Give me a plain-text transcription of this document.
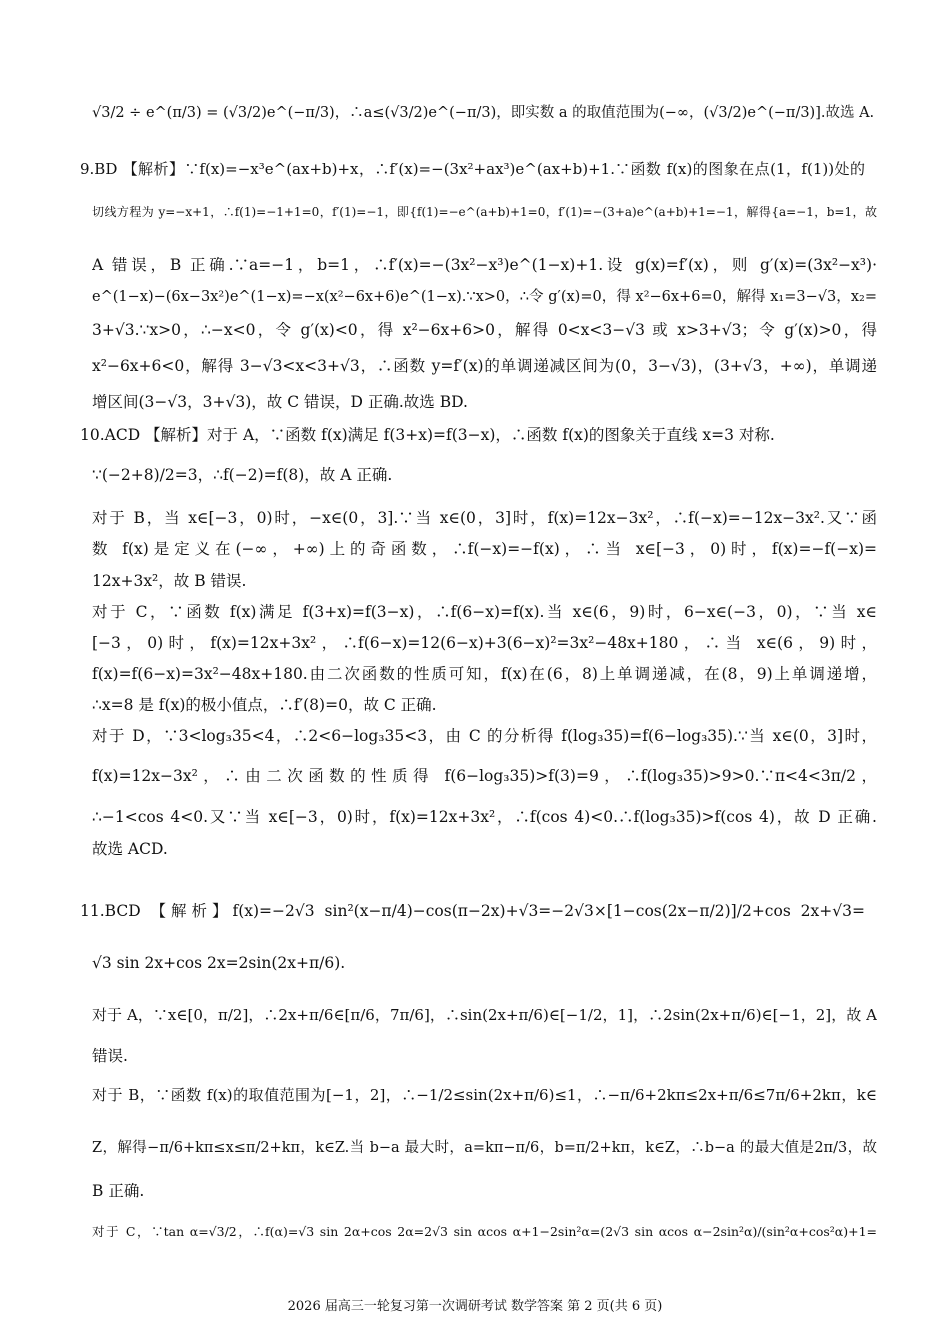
√3/2 ÷ e^(π/3) = (√3/2)e^(−π/3)，∴a≤(√3/2)e^(−π/3)，即实数 a 的取值范围为(−∞，(√3/2)e^(−π/3)].故选 A.
9.BD 【解析】∵f(x)=−x³e^(ax+b)+x，∴f′(x)=−(3x²+ax³)e^(ax+b)+1.∵函数 f(x)的图象在点(1，f(1))处的
切线方程为 y=−x+1，∴f(1)=−1+1=0，f′(1)=−1，即{f(1)=−e^(a+b)+1=0，f′(1)=−(3+a)e^(a+b)+1=−1，解得{a=−1，b=1，故
A 错误，B 正确.∵a=−1，b=1，∴f′(x)=−(3x²−x³)e^(1−x)+1.设 g(x)=f′(x)，则 g′(x)=(3x²−x³)·
e^(1−x)−(6x−3x²)e^(1−x)=−x(x²−6x+6)e^(1−x).∵x>0，∴令 g′(x)=0，得 x²−6x+6=0，解得 x₁=3−√3，x₂=
3+√3.∵x>0，∴−x<0，令 g′(x)<0，得 x²−6x+6>0，解得 0<x<3−√3 或 x>3+√3；令 g′(x)>0，得
x²−6x+6<0，解得 3−√3<x<3+√3，∴函数 y=f′(x)的单调递减区间为(0，3−√3)，(3+√3，+∞)，单调递
增区间(3−√3，3+√3)，故 C 错误，D 正确.故选 BD.
10.ACD 【解析】对于 A，∵函数 f(x)满足 f(3+x)=f(3−x)，∴函数 f(x)的图象关于直线 x=3 对称.
∵(−2+8)/2=3，∴f(−2)=f(8)，故 A 正确.
对于 B，当 x∈[−3，0)时，−x∈(0，3].∵当 x∈(0，3]时，f(x)=12x−3x²，∴f(−x)=−12x−3x².又∵函
数 f(x)是定义在(−∞，+∞)上的奇函数，∴f(−x)=−f(x)，∴当 x∈[−3，0)时，f(x)=−f(−x)=
12x+3x²，故 B 错误.
对于 C，∵函数 f(x)满足 f(3+x)=f(3−x)，∴f(6−x)=f(x).当 x∈(6，9)时，6−x∈(−3，0)，∵当 x∈
[−3，0)时，f(x)=12x+3x²，∴f(6−x)=12(6−x)+3(6−x)²=3x²−48x+180，∴当 x∈(6，9)时，
f(x)=f(6−x)=3x²−48x+180.由二次函数的性质可知，f(x)在(6，8)上单调递减，在(8，9)上单调递增，
∴x=8 是 f(x)的极小值点，∴f′(8)=0，故 C 正确.
对于 D，∵3<log₃35<4，∴2<6−log₃35<3，由 C 的分析得 f(log₃35)=f(6−log₃35).∵当 x∈(0，3]时，
f(x)=12x−3x²，∴由二次函数的性质得 f(6−log₃35)>f(3)=9，∴f(log₃35)>9>0.∵π<4<3π/2，
∴−1<cos 4<0.又∵当 x∈[−3，0)时，f(x)=12x+3x²，∴f(cos 4)<0.∴f(log₃35)>f(cos 4)，故 D 正确.
故选 ACD.
11.BCD 【解析】f(x)=−2√3 sin²(x−π/4)−cos(π−2x)+√3=−2√3×[1−cos(2x−π/2)]/2+cos 2x+√3=
√3 sin 2x+cos 2x=2sin(2x+π/6).
对于 A，∵x∈[0，π/2]，∴2x+π/6∈[π/6，7π/6]，∴sin(2x+π/6)∈[−1/2，1]，∴2sin(2x+π/6)∈[−1，2]，故 A
错误.
对于 B，∵函数 f(x)的取值范围为[−1，2]，∴−1/2≤sin(2x+π/6)≤1，∴−π/6+2kπ≤2x+π/6≤7π/6+2kπ，k∈
Z，解得−π/6+kπ≤x≤π/2+kπ，k∈Z.当 b−a 最大时，a=kπ−π/6，b=π/2+kπ，k∈Z，∴b−a 的最大值是2π/3，故
B 正确.
对于 C，∵tan α=√3/2，∴f(α)=√3 sin 2α+cos 2α=2√3 sin αcos α+1−2sin²α=(2√3 sin αcos α−2sin²α)/(sin²α+cos²α)+1=
2026 届高三一轮复习第一次调研考试 数学答案 第 2 页(共 6 页)
